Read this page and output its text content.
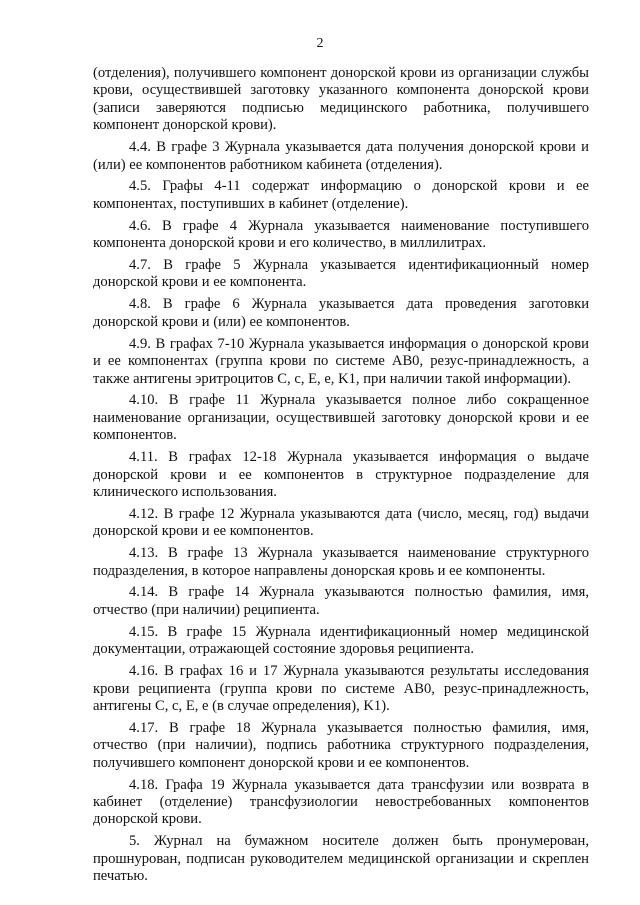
2

(отделения), получившего компонент донорской крови из организации службы крови, осуществившей заготовку указанного компонента донорской крови (записи заверяются подписью медицинского работника, получившего компонент донорской крови).

4.4. В графе 3 Журнала указывается дата получения донорской крови и (или) ее компонентов работником кабинета (отделения).

4.5. Графы 4-11 содержат информацию о донорской крови и ее компонентах, поступивших в кабинет (отделение).

4.6. В графе 4 Журнала указывается наименование поступившего компонента донорской крови и его количество, в миллилитрах.

4.7. В графе 5 Журнала указывается идентификационный номер донорской крови и ее компонента.

4.8. В графе 6 Журнала указывается дата проведения заготовки донорской крови и (или) ее компонентов.

4.9. В графах 7-10 Журнала указывается информация о донорской крови и ее компонентах (группа крови по системе AB0, резус-принадлежность, а также антигены эритроцитов C, c, E, e, K1, при наличии такой информации).

4.10. В графе 11 Журнала указывается полное либо сокращенное наименование организации, осуществившей заготовку донорской крови и ее компонентов.

4.11. В графах 12-18 Журнала указывается информация о выдаче донорской крови и ее компонентов в структурное подразделение для клинического использования.

4.12. В графе 12 Журнала указываются дата (число, месяц, год) выдачи донорской крови и ее компонентов.

4.13. В графе 13 Журнала указывается наименование структурного подразделения, в которое направлены донорская кровь и ее компоненты.

4.14. В графе 14 Журнала указываются полностью фамилия, имя, отчество (при наличии) реципиента.

4.15. В графе 15 Журнала идентификационный номер медицинской документации, отражающей состояние здоровья реципиента.

4.16. В графах 16 и 17 Журнала указываются результаты исследования крови реципиента (группа крови по системе AB0, резус-принадлежность, антигены C, c, E, e (в случае определения), K1).

4.17. В графе 18 Журнала указывается полностью фамилия, имя, отчество (при наличии), подпись работника структурного подразделения, получившего компонент донорской крови и ее компонентов.

4.18. Графа 19 Журнала указывается дата трансфузии или возврата в кабинет (отделение) трансфузиологии невостребованных компонентов донорской крови.

5. Журнал на бумажном носителе должен быть пронумерован, прошнурован, подписан руководителем медицинской организации и скреплен печатью.
